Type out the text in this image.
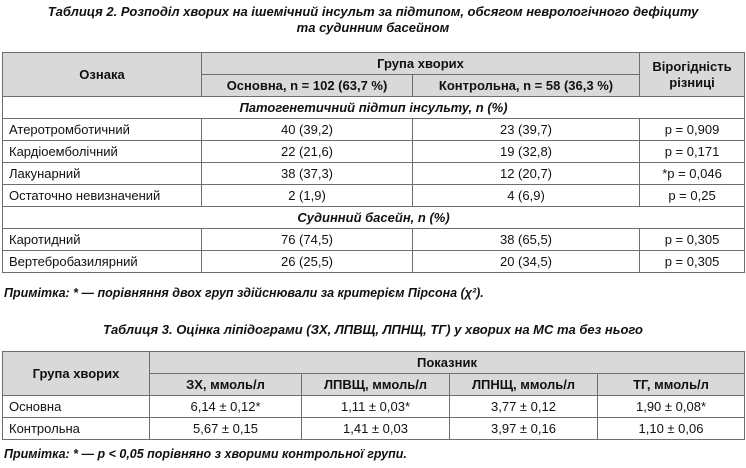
Таблиця 2. Розподіл хворих на ішемічний інсульт за підтипом, обсягом неврологічного дефіциту
та судинним басейном
Ознака	Група хворих		Вірогідність
різниці

	Основна, n = 102 (63,7 %)	Контрольна, n = 58 (36,3 %)	
Патогенетичний підтип інсульту, n (%)			
Атеротромботичний	40 (39,2)	23 (39,7)	p = 0,909
Кардіоемболічний	22 (21,6)	19 (32,8)	p = 0,171
Лакунарний	38 (37,3)	12 (20,7)	*p = 0,046
Остаточно невизначений	2 (1,9)	4 (6,9)	p = 0,25
Судинний басейн, n (%)			
Каротидний	76 (74,5)	38 (65,5)	p = 0,305
Вертебробазилярний	26 (25,5)	20 (34,5)	p = 0,305
Примітка: * — порівняння двох груп здійснювали за критерієм Пірсона (χ²).
Таблиця 3. Оцінка ліпідограми (ЗХ, ЛПВЩ, ЛПНЩ, ТГ) у хворих на МС та без нього
Група хворих	Показник			
	ЗХ, ммоль/л	ЛПВЩ, ммоль/л	ЛПНЩ, ммоль/л	ТГ, ммоль/л
Основна	6,14 ± 0,12*	1,11 ± 0,03*	3,77 ± 0,12	1,90 ± 0,08*
Контрольна	5,67 ± 0,15	1,41 ± 0,03	3,97 ± 0,16	1,10 ± 0,06
Примітка: * — p < 0,05 порівняно з хворими контрольної групи.
